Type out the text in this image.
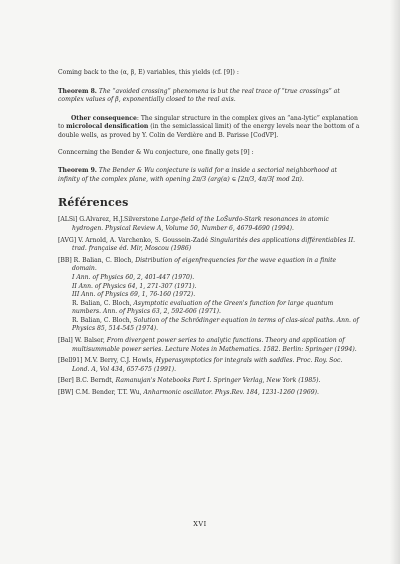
Coming back to the (α, β, E) variables, this yields (cf. [9]) :

Theorem 8. The “avoided crossing” phenomena is but the real trace of “true crossings” at complex values of β, exponentially closed to the real axis.

Other consequence: The singular structure in the complex gives an “ana-lytic” explanation to microlocal densification (in the semiclassical limit) of the energy levels near the bottom of a double wells, as proved by Y. Colin de Verdière and B. Parisse [CodVP].

Conncerning the Bender & Wu conjecture, one finally gets [9] :

Theorem 9. The Bender & Wu conjecture is valid for α inside a sectorial neighborhood at infinity of the complex plane, with opening 2π/3 (arg(α) ∈ [2π/3, 4π/3[ mod 2π).

Références

[ALSi] G.Alvarez, H.J.Silverstone Large-field of the LoŠurdo-Stark resonances in atomic hydrogen. Physical Review A, Volume 50, Number 6, 4679-4690 (1994).

[AVG] V. Arnold, A. Varchenko, S. Goussein-Zadé Singularités des applications différentiables II. trad. française éd. Mir, Moscou (1986)

[BB] R. Balian, C. Bloch, Distribution of eigenfrequencies for the wave equation in a finite domain.

I Ann. of Physics 60, 2, 401-447 (1970).

II Ann. of Physics 64, 1, 271-307 (1971).

III Ann. of Physics 69, 1, 76-160 (1972).

R. Balian, C. Bloch, Asymptotic evaluation of the Green's function for large quantum numbers. Ann. of Physics 63, 2, 592-606 (1971).

R. Balian, C. Bloch, Solution of the Schrödinger equation in terms of clas-sical paths. Ann. of Physics 85, 514-545 (1974).

[Bal] W. Balser, From divergent power series to analytic functions. Theory and application of multisummable power series. Lecture Notes in Mathematics. 1582. Berlin: Springer (1994).

[Bell91] M.V. Berry, C.J. Howls, Hyperasymptotics for integrals with saddles. Proc. Roy. Soc. Lond. A, Vol 434, 657-675 (1991).

[Ber] B.C. Berndt, Ramanujan's Notebooks Part I. Springer Verlag, New York (1985).

[BW] C.M. Bender, T.T. Wu, Anharmonic oscillator. Phys.Rev. 184, 1231-1260 (1969).

XVI
